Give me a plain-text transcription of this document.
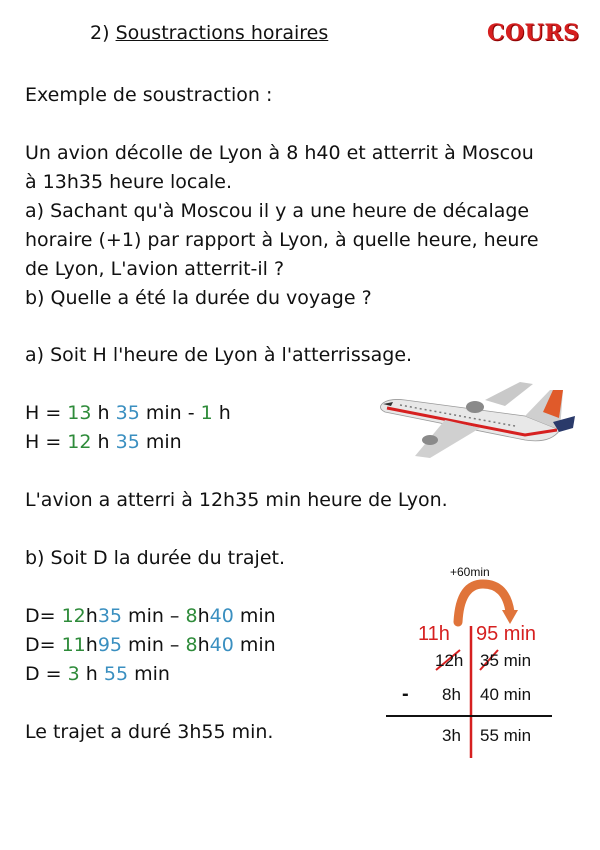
2) Soustractions horaires	COURS
Exemple de soustraction :
Un avion décolle de Lyon à 8 h40 et atterrit à Moscou
à 13h35 heure locale.
a) Sachant qu'à Moscou il y a une heure de décalage
horaire (+1) par rapport à Lyon, à quelle heure, heure
de Lyon, L'avion atterrit-il ?
b) Quelle a été la durée du voyage ?
a) Soit H l'heure de Lyon à l'atterrissage.
H = 13 h 35 min - 1 h
H = 12 h 35 min
L'avion a atterri à 12h35 min heure de Lyon.
b) Soit D la durée du trajet.
D= 12h35 min – 8h40 min
D= 11h95 min – 8h40 min
D = 3 h 55 min
Le trajet a duré 3h55 min.
+60min
11h 95 min
12h 35 min
- 8h 40 min
3h 55 min
